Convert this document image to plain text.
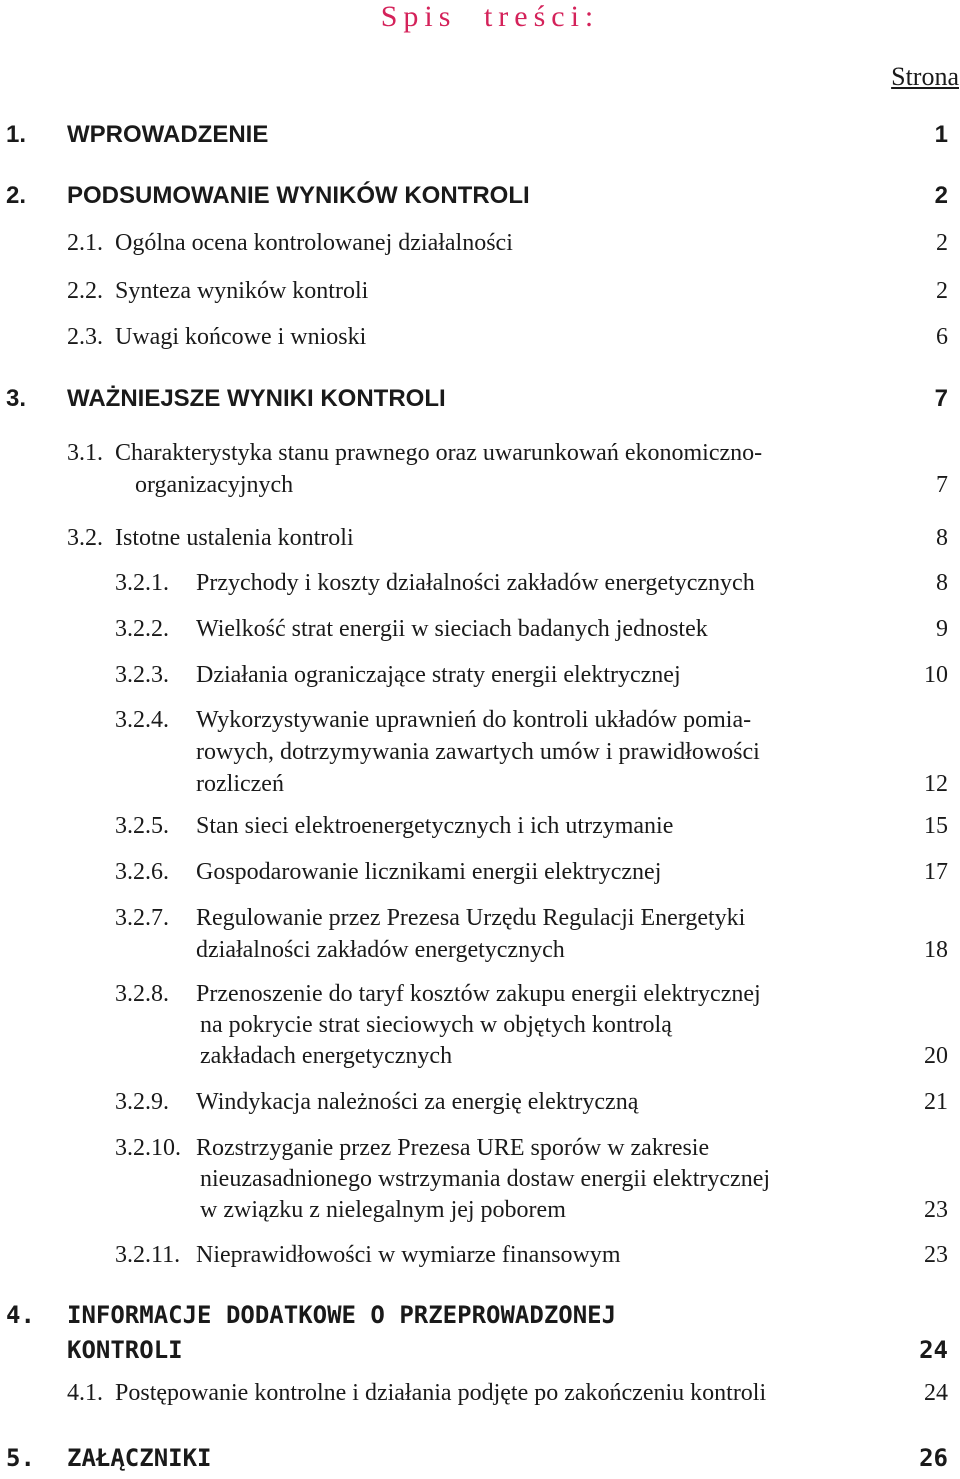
Spis treści:
Strona
1. WPROWADZENIE	1
2. PODSUMOWANIE WYNIKÓW KONTROLI	2
2.1. Ogólna ocena kontrolowanej działalności	2
2.2. Synteza wyników kontroli	2
2.3. Uwagi końcowe i wnioski	6
3. WAŻNIEJSZE WYNIKI KONTROLI	7
3.1. Charakterystyka stanu prawnego oraz uwarunkowań ekonomiczno-
organizacyjnych	7
3.2. Istotne ustalenia kontroli	8
3.2.1. Przychody i koszty działalności zakładów energetycznych	8
3.2.2. Wielkość strat energii w sieciach badanych jednostek	9
3.2.3. Działania ograniczające straty energii elektrycznej	10
3.2.4. Wykorzystywanie uprawnień do kontroli układów pomia-
rowych, dotrzymywania zawartych umów i prawidłowości
rozliczeń	12
3.2.5. Stan sieci elektroenergetycznych i ich utrzymanie	15
3.2.6. Gospodarowanie licznikami energii elektrycznej	17
3.2.7. Regulowanie przez Prezesa Urzędu Regulacji Energetyki
działalności zakładów energetycznych	18
3.2.8. Przenoszenie do taryf kosztów zakupu energii elektrycznej
na pokrycie strat sieciowych w objętych kontrolą
zakładach energetycznych	20
3.2.9. Windykacja należności za energię elektryczną	21
3.2.10. Rozstrzyganie przez Prezesa URE sporów w zakresie
nieuzasadnionego wstrzymania dostaw energii elektrycznej
w związku z nielegalnym jej poborem	23
3.2.11. Nieprawidłowości w wymiarze finansowym	23
4. INFORMACJE DODATKOWE O PRZEPROWADZONEJ
KONTROLI	24
4.1. Postępowanie kontrolne i działania podjęte po zakończeniu kontroli	24
5. ZAŁĄCZNIKI	26
